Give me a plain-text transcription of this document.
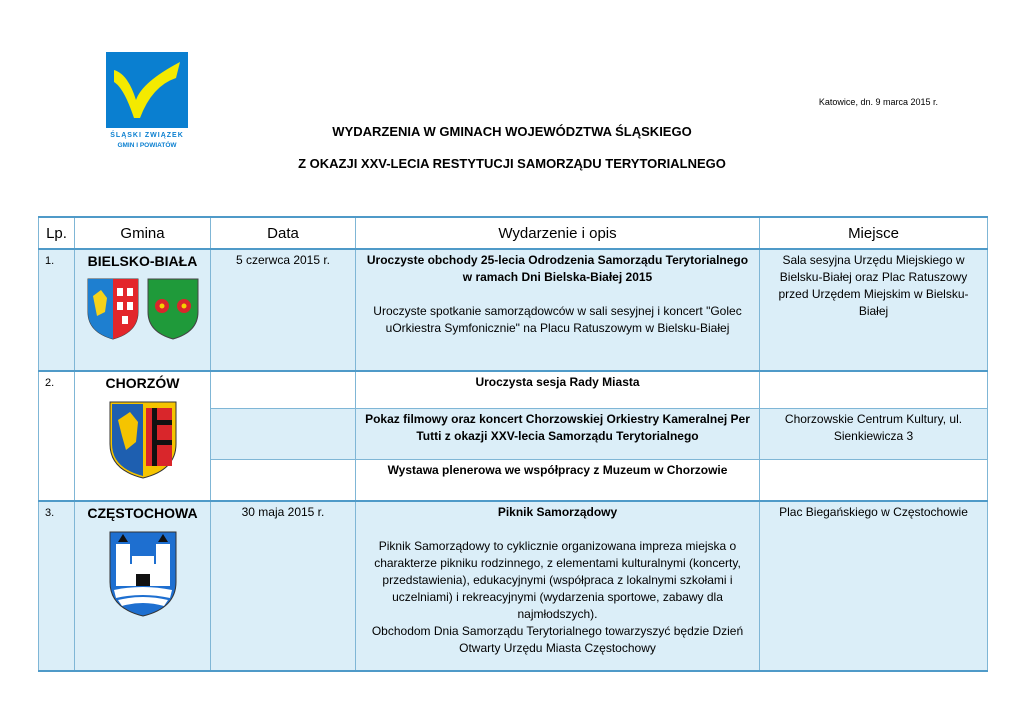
ŚLĄSKI ZWIĄZEK
GMIN I POWIATÓW
Katowice, dn. 9 marca 2015 r.
WYDARZENIA W GMINACH WOJEWÓDZTWA ŚLĄSKIEGO
Z OKAZJI XXV-LECIA RESTYTUCJI SAMORZĄDU TERYTORIALNEGO
Lp.	Gmina	Data	Wydarzenie i opis	Miejsce
1.	BIELSKO-BIAŁA	5 czerwca 2015 r.	Uroczyste obchody 25-lecia Odrodzenia Samorządu Terytorialnego w ramach Dni Bielska-Białej 2015
Uroczyste spotkanie samorządowców w sali sesyjnej i koncert "Golec uOrkiestra Symfonicznie" na Placu Ratuszowym w Bielsku-Białej	Sala sesyjna Urzędu Miejskiego w Bielsku-Białej oraz Plac Ratuszowy przed Urzędem Miejskim w Bielsku-Białej
2.	CHORZÓW		Uroczysta sesja Rady Miasta	

			Pokaz filmowy oraz koncert Chorzowskiej Orkiestry Kameralnej Per Tutti z okazji XXV-lecia Samorządu Terytorialnego	Chorzowskie Centrum Kultury, ul. Sienkiewicza 3

			Wystawa plenerowa we współpracy z Muzeum w Chorzowie	

3.	CZĘSTOCHOWA	30 maja 2015 r.	Piknik Samorządowy
Piknik Samorządowy to cyklicznie organizowana impreza miejska o charakterze pikniku rodzinnego, z elementami kulturalnymi (koncerty, przedstawienia), edukacyjnymi (współpraca z lokalnymi szkołami i uczelniami) i rekreacyjnymi (wydarzenia sportowe, zabawy dla najmłodszych).
Obchodom Dnia Samorządu Terytorialnego towarzyszyć będzie Dzień Otwarty Urzędu Miasta Częstochowy	Plac Biegańskiego w Częstochowie
